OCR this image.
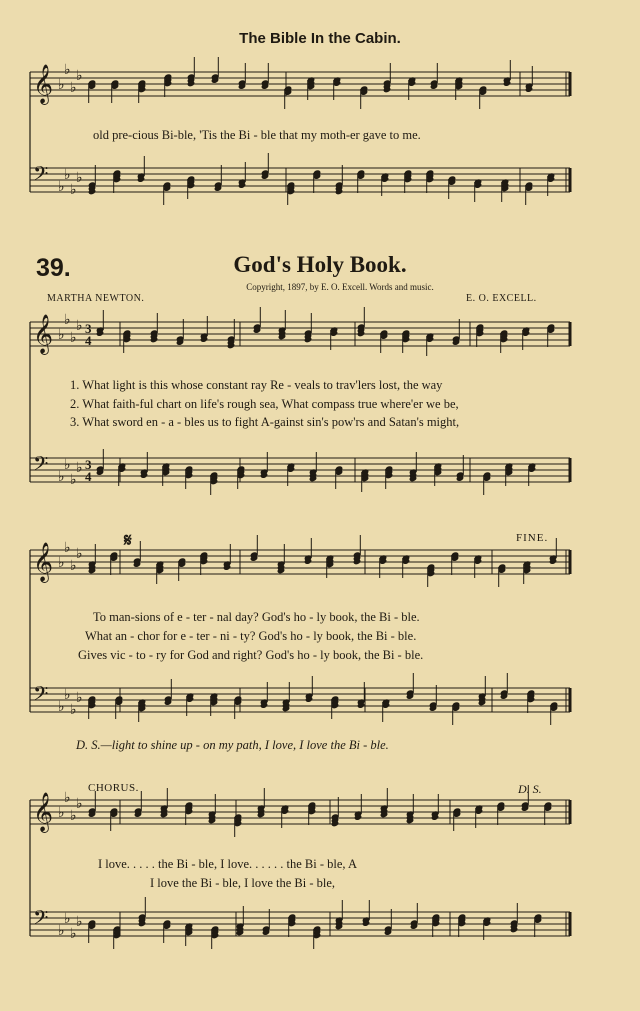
The Bible In the Cabin.
𝄞 ♭
♭
♭
♭
𝄢 ♭
♭
♭
♭
𝄞 ♭
♭
♭
♭ 3
4
𝄢 ♭
♭
♭
♭ 3
4
𝄞 ♭
♭
♭
♭
𝄢 ♭
♭
♭
♭
𝄞 ♭
♭
♭
♭
𝄢 ♭
♭
♭
♭
old pre-cious Bi-ble, 'Tis the Bi - ble that my moth-er gave to me.
39.	God's Holy Book.
Copyright, 1897, by E. O. Excell. Words and music.
MARTHA NEWTON.	E. O. EXCELL.
1. What light is this whose constant ray Re - veals to trav'lers lost, the way
2. What faith-ful chart on life's rough sea, What compass true where'er we be,
3. What sword en - a - bles us to fight A-gainst sin's pow'rs and Satan's might,
𝄋	FINE.
To man-sions of e - ter - nal day? God's ho - ly book, the Bi - ble.
What an - chor for e - ter - ni - ty? God's ho - ly book, the Bi - ble.
Gives vic - to - ry for God and right? God's ho - ly book, the Bi - ble.
D. S.—light to shine up - on my path, I love, I love the Bi - ble.
CHORUS.	D. S.
I love. . . . . the Bi - ble, I love. . . . . . the Bi - ble, A
I love the Bi - ble, I love the Bi - ble,
